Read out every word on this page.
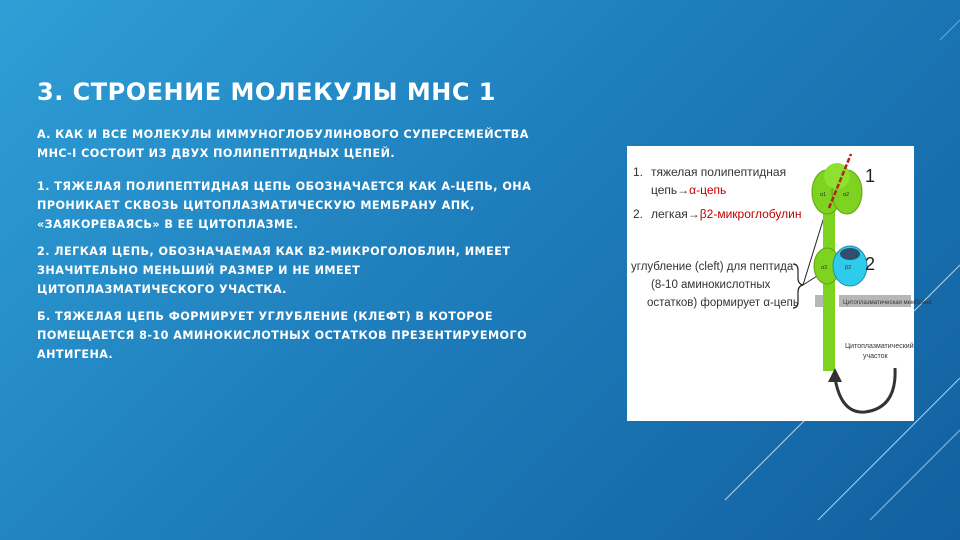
3. СТРОЕНИЕ МОЛЕКУЛЫ МНС 1
А. КАК И ВСЕ МОЛЕКУЛЫ ИММУНОГЛОБУЛИНОВОГО СУПЕРСЕМЕЙСТВА
МНС-I СОСТОИТ ИЗ ДВУХ ПОЛИПЕПТИДНЫХ ЦЕПЕЙ.
1. ТЯЖЕЛАЯ ПОЛИПЕПТИДНАЯ ЦЕПЬ ОБОЗНАЧАЕТСЯ КАК А-ЦЕПЬ, ОНА
ПРОНИКАЕТ СКВОЗЬ ЦИТОПЛАЗМАТИЧЕСКУЮ МЕМБРАНУ АПК,
«ЗАЯКОРЕВАЯСЬ» В ЕЕ ЦИТОПЛАЗМЕ.
2. ЛЕГКАЯ ЦЕПЬ, ОБОЗНАЧАЕМАЯ КАК В2-МИКРОГОЛОБЛИН, ИМЕЕТ
ЗНАЧИТЕЛЬНО МЕНЬШИЙ РАЗМЕР И НЕ ИМЕЕТ
ЦИТОПЛАЗМАТИЧЕСКОГО УЧАСТКА.
Б. ТЯЖЕЛАЯ ЦЕПЬ ФОРМИРУЕТ УГЛУБЛЕНИЕ (КЛЕФТ) В КОТОРОЕ
ПОМЕЩАЕТСЯ 8-10 АМИНОКИСЛОТНЫХ ОСТАТКОВ ПРЕЗЕНТИРУЕМОГО
АНТИГЕНА.
1. тяжелая полипептидная
цепь→α-цепь
2. легкая→β2-микроглобулин
углубление (cleft) для пептида
(8-10 аминокислотных
остатков) формирует α-цепь
α1	α2
α3	β2
1
2
Цитоплазматическая мембрана
Цитоплазматический
участок
